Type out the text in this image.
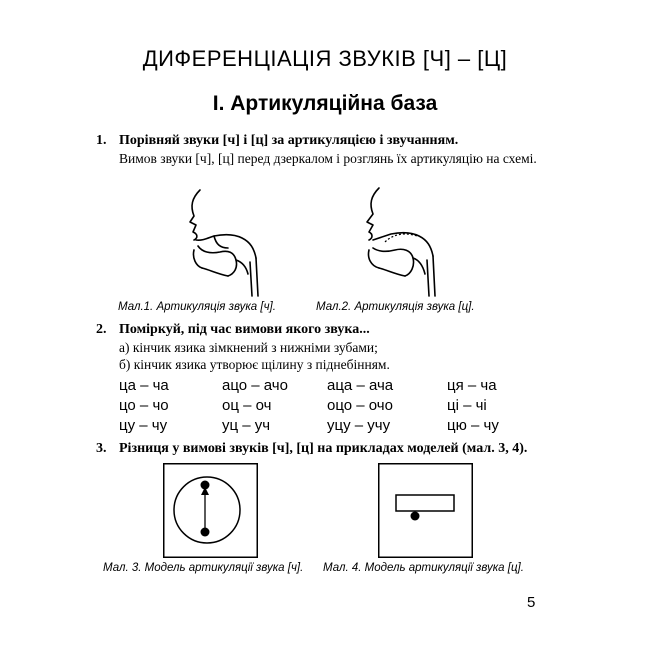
ДИФЕРЕНЦІАЦІЯ ЗВУКІВ [Ч] – [Ц]
І. Артикуляційна база
1. Порівняй звуки [ч] і [ц] за артикуляцією і звучанням.
Вимов звуки [ч], [ц] перед дзеркалом і розглянь їх артикуляцію на схемі.
Мал.1. Артикуляція звука [ч].	Мал.2. Артикуляція звука [ц].
2. Поміркуй, під час вимови якого звука...
а) кінчик язика зімкнений з нижніми зубами;
б) кінчик язика утворює щілину з піднебінням.
ца – ча
цо – чо
цу – чу
ацо – ачо
оц – оч
уц – уч
аца – ача
оцо – очо
уцу – учу
ця – ча
ці – чі
цю – чу
3. Різниця у вимові звуків [ч], [ц] на прикладах моделей (мал. 3, 4).
Мал. 3. Модель артикуляції звука [ч]. Мал. 4. Модель артикуляції звука [ц].
5
